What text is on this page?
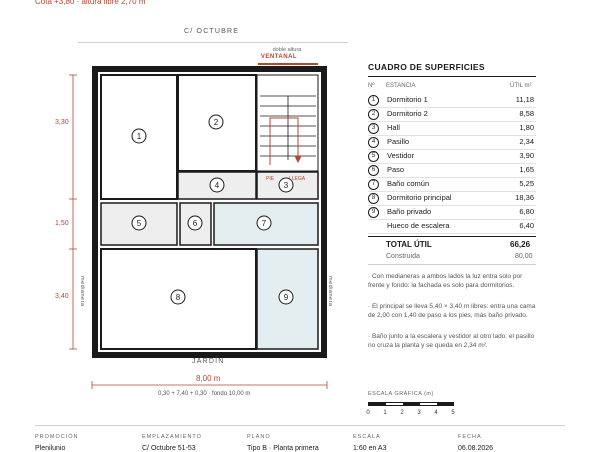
Cota +3,80 · altura libre 2,70 m
C/ OCTUBRE
doble altura
VENTANAL
1
2
3
4
5	6	7
8	9
PIE	LLEGA
3,30
1,50
3,40 medianera	medianera
JARDÍN
8,00 m
0,30 + 7,40 + 0,30 · fondo 10,00 m
CUADRO DE SUPERFICIES
Nº ESTANCIA	ÚTIL m²
1	Dormitorio 1	11,18
2	Dormitorio 2	8,58
3	Hall	1,80
4	Pasillo	2,34
5	Vestidor	3,90
6	Paso	1,65
7	Baño común	5,25
8	Dormitorio principal	18,36
9	Baño privado	6,80
Hueco de escalera	6,40
TOTAL ÚTIL	66,26
Construida	80,00
· Con medianeras a ambos lados la luz entra solo por frente y fondo: la fachada es solo para dormitorios.
· El principal se lleva 5,40 × 3,40 m libres: entra una cama de 2,00 con 1,40 de paso a los pies, más baño privado.
· Baño junto a la escalera y vestidor al otro lado: el pasillo no cruza la planta y se queda en 2,34 m².
ESCALA GRÁFICA (m)
0	1	2	3	4	5
PROMOCIÓN
Plenilunio
EMPLAZAMIENTO
C/ Octubre 51-53
PLANO
Tipo B · Planta primera
ESCALA
1:60 en A3
FECHA
06.08.2026
